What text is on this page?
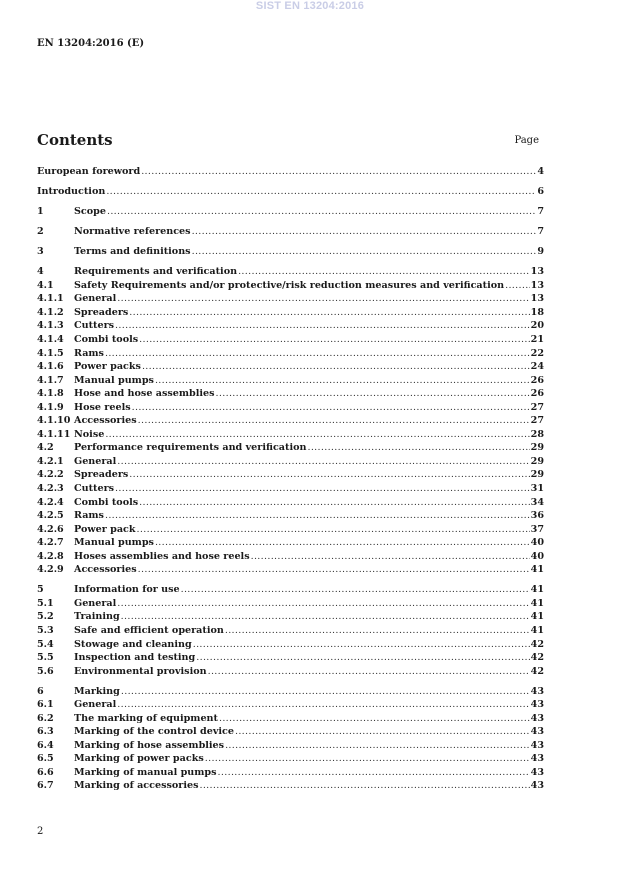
SIST EN 13204:2016
EN 13204:2016 (E)
Contents	Page
European foreword .....	4
Introduction .....	6
1	Scope .....	7
2	Normative references .....	7
3	Terms and definitions .....	9
4	Requirements and verification .....	13
4.1	Safety Requirements and/or protective/risk reduction measures and verification .....	13
4.1.1	General .....	13
4.1.2	Spreaders .....	18
4.1.3	Cutters .....	20
4.1.4	Combi tools .....	21
4.1.5	Rams .....	22
4.1.6	Power packs .....	24
4.1.7	Manual pumps .....	26
4.1.8	Hose and hose assemblies .....	26
4.1.9	Hose reels .....	27
4.1.10 Accessories .....	27
4.1.11 Noise .....	28
4.2	Performance requirements and verification .....	29
4.2.1	General .....	29
4.2.2	Spreaders .....	29
4.2.3	Cutters .....	31
4.2.4	Combi tools .....	34
4.2.5	Rams .....	36
4.2.6	Power pack .....	37
4.2.7	Manual pumps .....	40
4.2.8	Hoses assemblies and hose reels .....	40
4.2.9	Accessories .....	41
5	Information for use .....	41
5.1	General .....	41
5.2	Training .....	41
5.3	Safe and efficient operation .....	41
5.4	Stowage and cleaning .....	42
5.5	Inspection and testing .....	42
5.6	Environmental provision .....	42
6	Marking .....	43
6.1	General .....	43
6.2	The marking of equipment .....	43
6.3	Marking of the control device .....	43
6.4	Marking of hose assemblies .....	43
6.5	Marking of power packs .....	43
6.6	Marking of manual pumps .....	43
6.7	Marking of accessories .....	43
2
